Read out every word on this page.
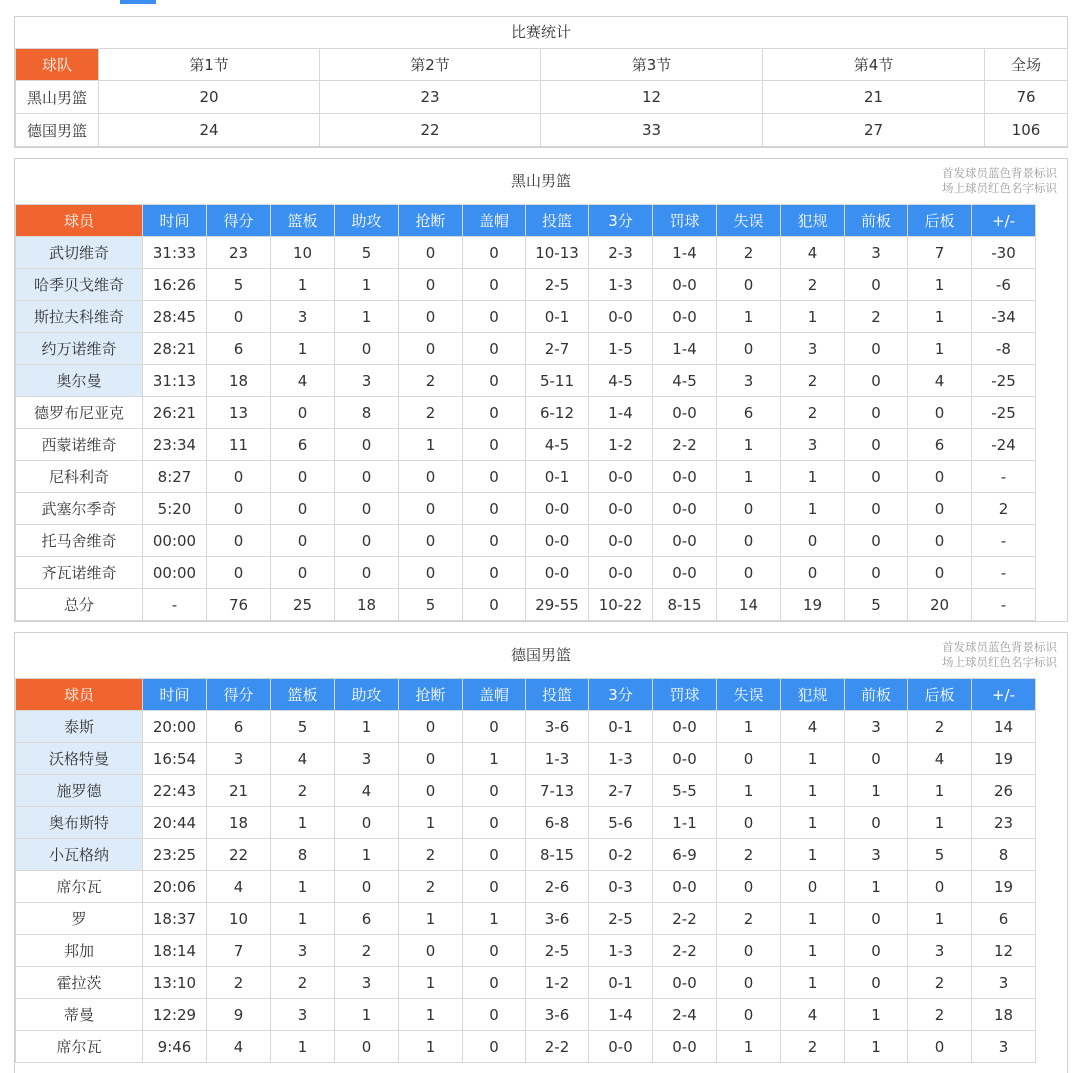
比赛统计
球队	第1节	第2节	第3节	第4节	全场
黑山男篮	20	23	12	21	76
德国男篮	24	22	33	27	106
黑山男篮	首发球员蓝色背景标识
场上球员红色名字标识
球员	时间	得分	篮板	助攻	抢断	盖帽	投篮	3分	罚球	失误	犯规	前板	后板	+/-
武切维奇	31:33	23	10	5	0	0	10-13	2-3	1-4	2	4	3	7	-30
哈季贝戈维奇	16:26	5	1	1	0	0	2-5	1-3	0-0	0	2	0	1	-6
斯拉夫科维奇	28:45	0	3	1	0	0	0-1	0-0	0-0	1	1	2	1	-34
约万诺维奇	28:21	6	1	0	0	0	2-7	1-5	1-4	0	3	0	1	-8
奥尔曼	31:13	18	4	3	2	0	5-11	4-5	4-5	3	2	0	4	-25
德罗布尼亚克	26:21	13	0	8	2	0	6-12	1-4	0-0	6	2	0	0	-25
西蒙诺维奇	23:34	11	6	0	1	0	4-5	1-2	2-2	1	3	0	6	-24
尼科利奇	8:27	0	0	0	0	0	0-1	0-0	0-0	1	1	0	0	-
武塞尔季奇	5:20	0	0	0	0	0	0-0	0-0	0-0	0	1	0	0	2
托马舍维奇	00:00	0	0	0	0	0	0-0	0-0	0-0	0	0	0	0	-
齐瓦诺维奇	00:00	0	0	0	0	0	0-0	0-0	0-0	0	0	0	0	-
总分	-	76	25	18	5	0	29-55	10-22	8-15	14	19	5	20	-
德国男篮	首发球员蓝色背景标识
场上球员红色名字标识
球员	时间	得分	篮板	助攻	抢断	盖帽	投篮	3分	罚球	失误	犯规	前板	后板	+/-
泰斯	20:00	6	5	1	0	0	3-6	0-1	0-0	1	4	3	2	14
沃格特曼	16:54	3	4	3	0	1	1-3	1-3	0-0	0	1	0	4	19
施罗德	22:43	21	2	4	0	0	7-13	2-7	5-5	1	1	1	1	26
奥布斯特	20:44	18	1	0	1	0	6-8	5-6	1-1	0	1	0	1	23
小瓦格纳	23:25	22	8	1	2	0	8-15	0-2	6-9	2	1	3	5	8
席尔瓦	20:06	4	1	0	2	0	2-6	0-3	0-0	0	0	1	0	19
罗	18:37	10	1	6	1	1	3-6	2-5	2-2	2	1	0	1	6
邦加	18:14	7	3	2	0	0	2-5	1-3	2-2	0	1	0	3	12
霍拉茨	13:10	2	2	3	1	0	1-2	0-1	0-0	0	1	0	2	3
蒂曼	12:29	9	3	1	1	0	3-6	1-4	2-4	0	4	1	2	18
席尔瓦	9:46	4	1	0	1	0	2-2	0-0	0-0	1	2	1	0	3
